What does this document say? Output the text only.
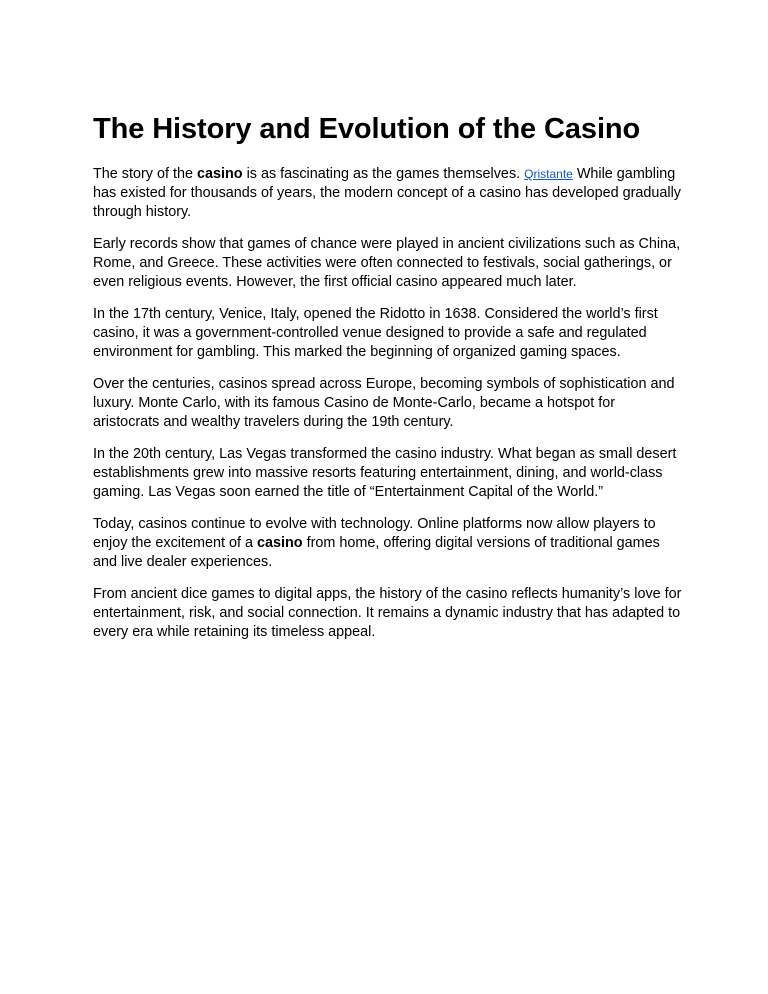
The History and Evolution of the Casino

The story of the casino is as fascinating as the games themselves. Qristante While gambling has existed for thousands of years, the modern concept of a casino has developed gradually through history.

Early records show that games of chance were played in ancient civilizations such as China, Rome, and Greece. These activities were often connected to festivals, social gatherings, or even religious events. However, the first official casino appeared much later.

In the 17th century, Venice, Italy, opened the Ridotto in 1638. Considered the world’s first casino, it was a government-controlled venue designed to provide a safe and regulated environment for gambling. This marked the beginning of organized gaming spaces.

Over the centuries, casinos spread across Europe, becoming symbols of sophistication and luxury. Monte Carlo, with its famous Casino de Monte-Carlo, became a hotspot for aristocrats and wealthy travelers during the 19th century.

In the 20th century, Las Vegas transformed the casino industry. What began as small desert establishments grew into massive resorts featuring entertainment, dining, and world-class gaming. Las Vegas soon earned the title of “Entertainment Capital of the World.”

Today, casinos continue to evolve with technology. Online platforms now allow players to enjoy the excitement of a casino from home, offering digital versions of traditional games and live dealer experiences.

From ancient dice games to digital apps, the history of the casino reflects humanity’s love for entertainment, risk, and social connection. It remains a dynamic industry that has adapted to every era while retaining its timeless appeal.
